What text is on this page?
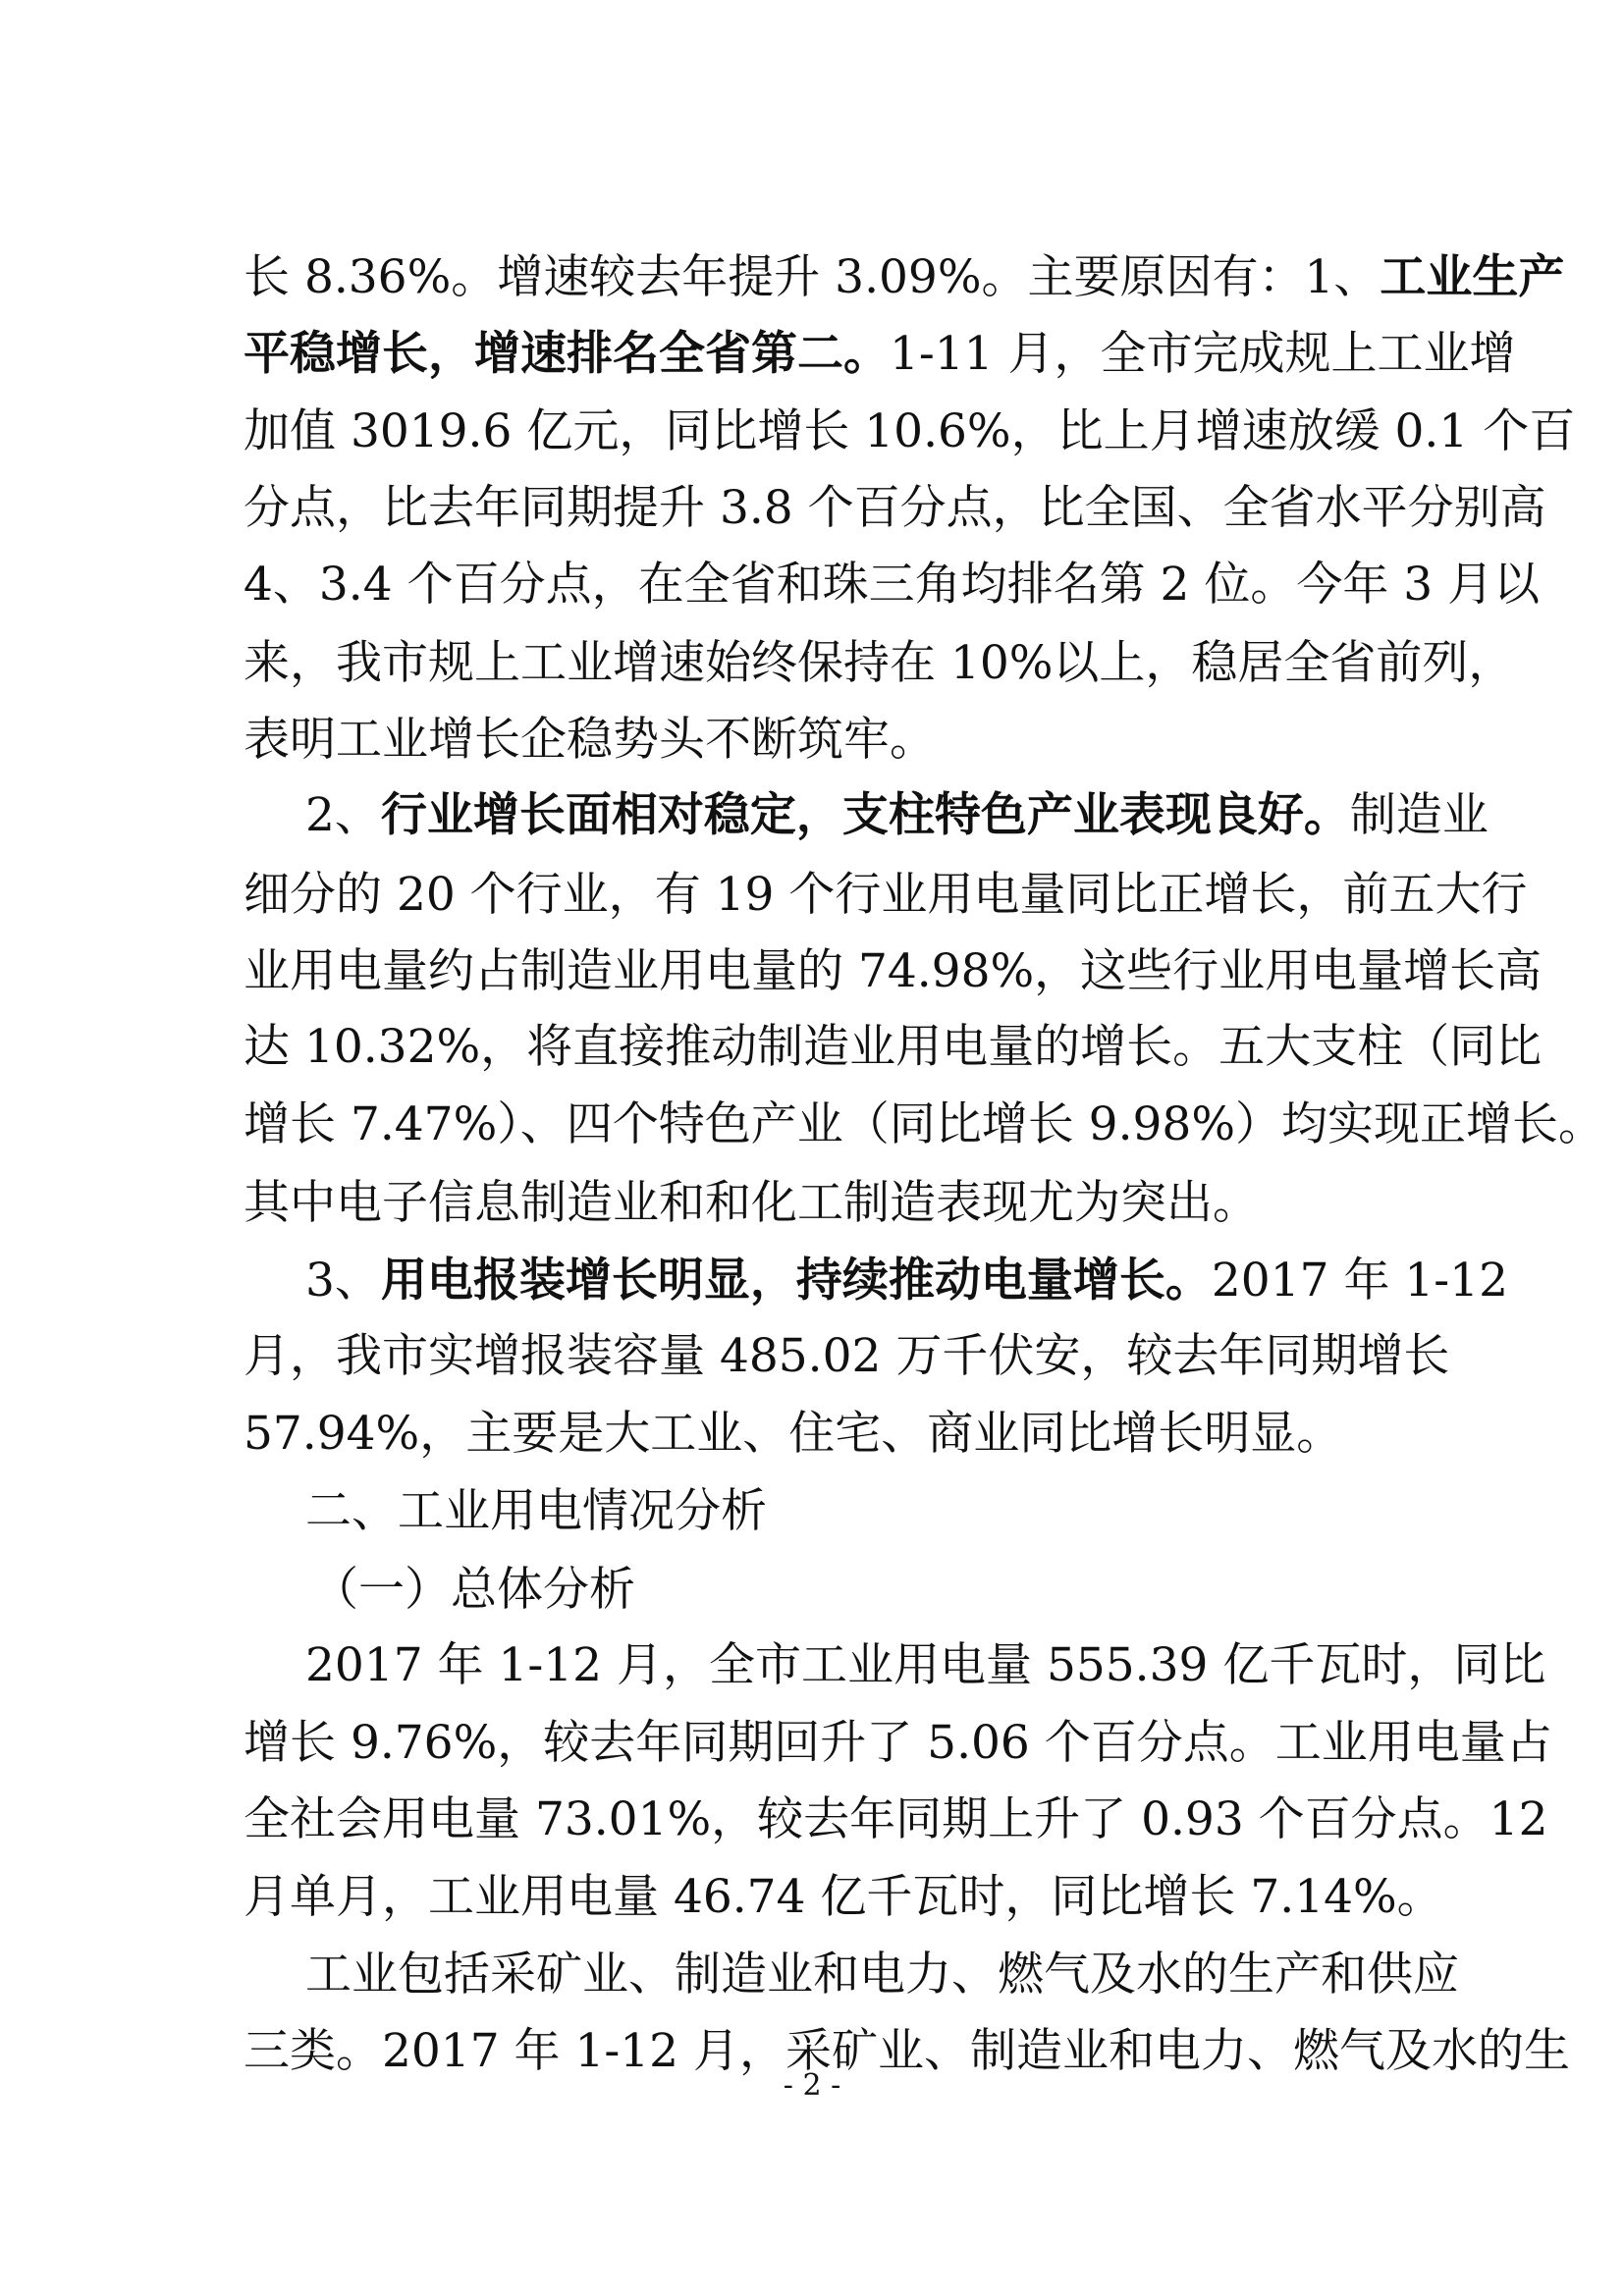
长 8.36%。增速较去年提升 3.09%。主要原因有：1、工业生产
平稳增长，增速排名全省第二。1-11 月，全市完成规上工业增
加值 3019.6 亿元，同比增长 10.6%，比上月增速放缓 0.1 个百
分点，比去年同期提升 3.8 个百分点，比全国、全省水平分别高
4、3.4 个百分点，在全省和珠三角均排名第 2 位。今年 3 月以
来，我市规上工业增速始终保持在 10%以上，稳居全省前列，
表明工业增长企稳势头不断筑牢。
2、行业增长面相对稳定，支柱特色产业表现良好。制造业
细分的 20 个行业，有 19 个行业用电量同比正增长，前五大行
业用电量约占制造业用电量的 74.98%，这些行业用电量增长高
达 10.32%，将直接推动制造业用电量的增长。五大支柱（同比
增长 7.47%）、四个特色产业（同比增长 9.98%）均实现正增长。
其中电子信息制造业和和化工制造表现尤为突出。
3、用电报装增长明显，持续推动电量增长。2017 年 1-12
月，我市实增报装容量 485.02 万千伏安，较去年同期增长
57.94%，主要是大工业、住宅、商业同比增长明显。
二、工业用电情况分析
（一）总体分析
2017 年 1-12 月，全市工业用电量 555.39 亿千瓦时，同比
增长 9.76%，较去年同期回升了 5.06 个百分点。工业用电量占
全社会用电量 73.01%，较去年同期上升了 0.93 个百分点。12
月单月，工业用电量 46.74 亿千瓦时，同比增长 7.14%。
工业包括采矿业、制造业和电力、燃气及水的生产和供应
三类。2017 年 1-12 月，采矿业、制造业和电力、燃气及水的生
- 2 -
